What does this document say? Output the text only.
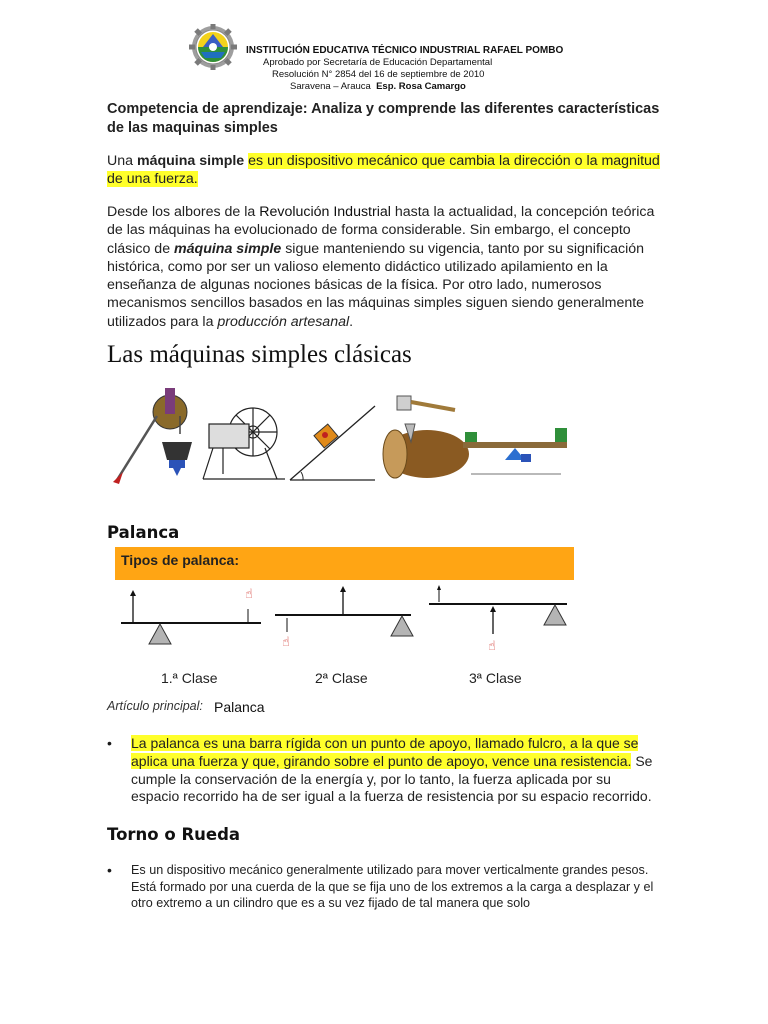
INSTITUCIÓN EDUCATIVA TÉCNICO INDUSTRIAL RAFAEL POMBO
Aprobado por Secretaría de Educación Departamental
Resolución N° 2854 del 16 de septiembre de 2010
Saravena – Arauca Esp. Rosa Camargo
Competencia de aprendizaje: Analiza y comprende las diferentes características de las maquinas simples
Una máquina simple es un dispositivo mecánico que cambia la dirección o la magnitud de una fuerza.
Desde los albores de la Revolución Industrial hasta la actualidad, la concepción teórica de las máquinas ha evolucionado de forma considerable. Sin embargo, el concepto clásico de máquina simple sigue manteniendo su vigencia, tanto por su significación histórica, como por ser un valioso elemento didáctico utilizado apilamiento en la enseñanza de algunas nociones básicas de la física. Por otro lado, numerosos mecanismos sencillos basados en las máquinas simples siguen siendo generalmente utilizados para la producción artesanal.
Las máquinas simples clásicas
Palanca
Tipos de palanca:
☝
☝	☝
1.ª Clase	2ª Clase	3ª Clase
Artículo principal: Palanca
• La palanca es una barra rígida con un punto de apoyo, llamado fulcro, a la que se aplica una fuerza y que, girando sobre el punto de apoyo, vence una resistencia. Se cumple la conservación de la energía y, por lo tanto, la fuerza aplicada por su espacio recorrido ha de ser igual a la fuerza de resistencia por su espacio recorrido.
Torno o Rueda
• Es un dispositivo mecánico generalmente utilizado para mover verticalmente grandes pesos. Está formado por una cuerda de la que se fija uno de los extremos a la carga a desplazar y el otro extremo a un cilindro que es a su vez fijado de tal manera que solo
